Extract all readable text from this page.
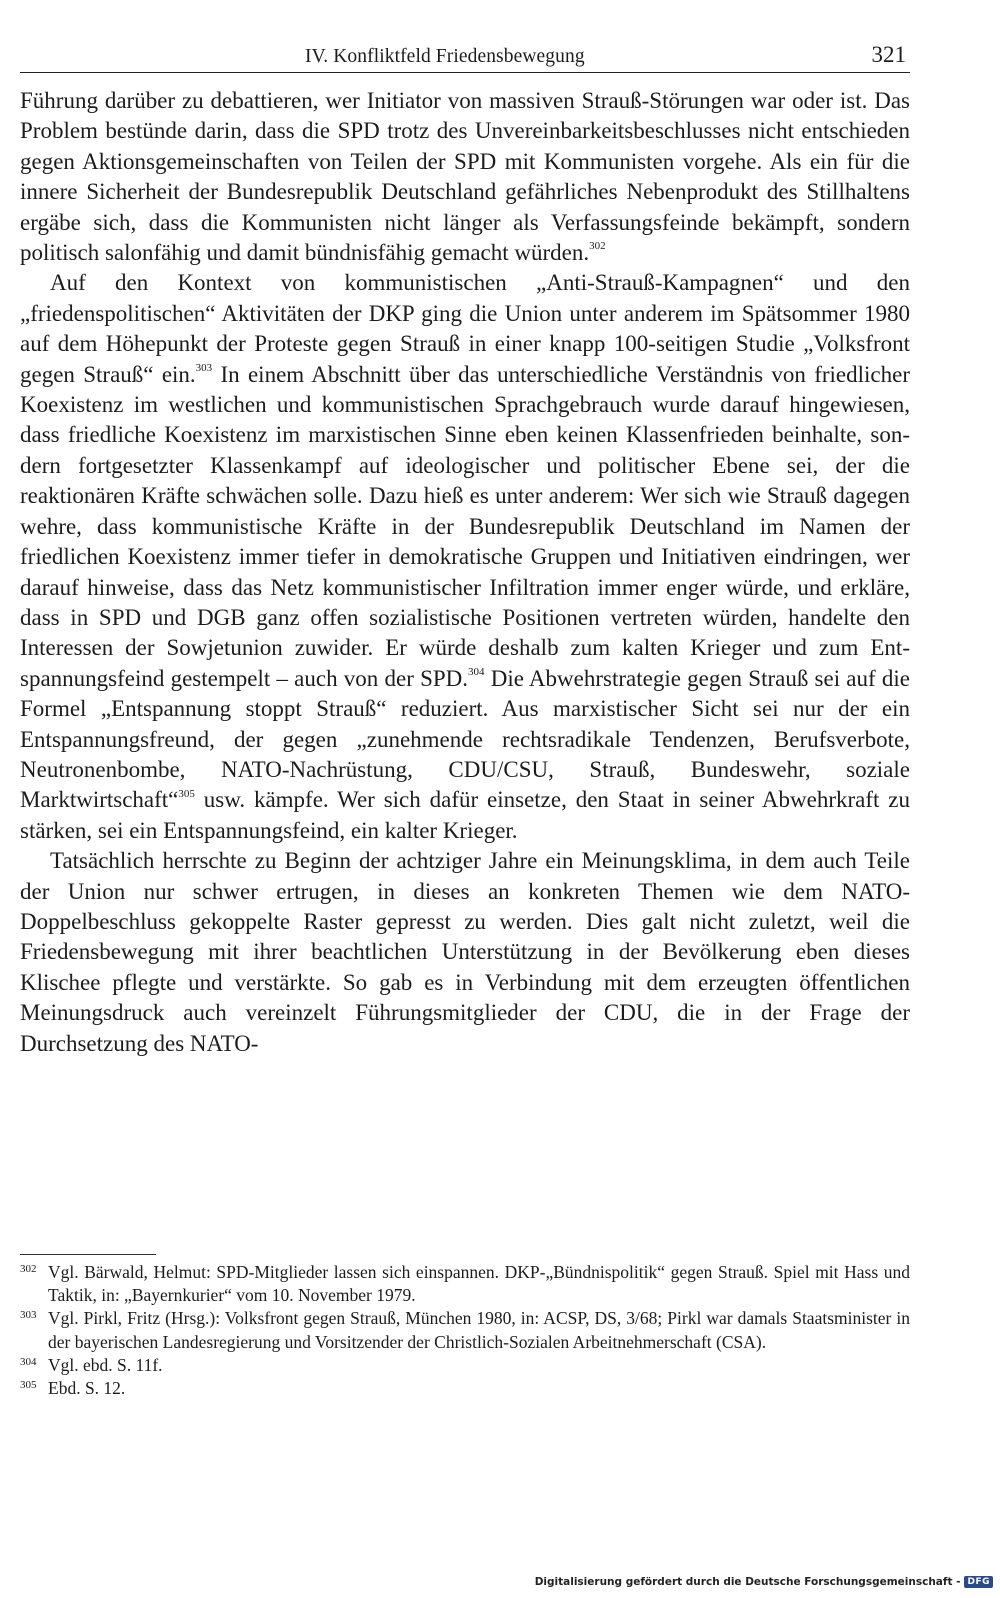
IV. Konfliktfeld Friedensbewegung	321

Führung darüber zu debattieren, wer Initiator von massiven Strauß-Störungen war oder ist. Das Problem bestünde darin, dass die SPD trotz des Unvereinbarkeitsbeschlusses nicht entschieden gegen Aktionsgemeinschaften von Teilen der SPD mit Kommunisten vorgehe. Als ein für die innere Sicherheit der Bundesrepublik Deutschland gefährliches Nebenprodukt des Stillhaltens ergäbe sich, dass die Kommunisten nicht länger als Verfassungsfeinde bekämpft, sondern politisch salonfähig und damit bündnisfähig gemacht würden.$^{302}$

Auf den Kontext von kommunistischen „Anti-Strauß-Kampagnen“ und den „friedenspolitischen“ Aktivitäten der DKP ging die Union unter anderem im Spätsommer 1980 auf dem Höhepunkt der Proteste gegen Strauß in einer knapp 100-seitigen Studie „Volksfront gegen Strauß“ ein.$^{303}$ In einem Abschnitt über das unterschiedliche Verständnis von friedlicher Koexistenz im westlichen und kommunistischen Sprachgebrauch wurde darauf hingewiesen, dass friedliche Koexistenz im marxistischen Sinne eben keinen Klassenfrieden beinhalte, sondern fortgesetzter Klassenkampf auf ideologischer und politischer Ebene sei, der die reaktionären Kräfte schwächen solle. Dazu hieß es unter anderem: Wer sich wie Strauß dagegen wehre, dass kommunistische Kräfte in der Bundesrepublik Deutschland im Namen der friedlichen Koexistenz immer tiefer in demokratische Gruppen und Initiativen eindringen, wer darauf hinweise, dass das Netz kommunistischer Infiltration immer enger würde, und erkläre, dass in SPD und DGB ganz offen sozialistische Positionen vertreten würden, handelte den Interessen der Sowjetunion zuwider. Er würde deshalb zum kalten Krieger und zum Entspannungsfeind gestempelt – auch von der SPD.$^{304}$ Die Abwehrstrategie gegen Strauß sei auf die Formel „Entspannung stoppt Strauß“ reduziert. Aus marxistischer Sicht sei nur der ein Entspannungsfreund, der gegen „zunehmende rechtsradikale Tendenzen, Berufsverbote, Neutronenbombe, NATO-Nachrüstung, CDU/CSU, Strauß, Bundeswehr, soziale Marktwirtschaft“$^{305}$ usw. kämpfe. Wer sich dafür einsetze, den Staat in seiner Abwehrkraft zu stärken, sei ein Entspannungsfeind, ein kalter Krieger.

Tatsächlich herrschte zu Beginn der achtziger Jahre ein Meinungsklima, in dem auch Teile der Union nur schwer ertrugen, in dieses an konkreten Themen wie dem NATO-Doppelbeschluss gekoppelte Raster gepresst zu werden. Dies galt nicht zuletzt, weil die Friedensbewegung mit ihrer beachtlichen Unterstützung in der Bevölkerung eben dieses Klischee pflegte und verstärkte. So gab es in Verbindung mit dem erzeugten öffentlichen Meinungsdruck auch vereinzelt Führungsmitglieder der CDU, die in der Frage der Durchsetzung des NATO-

302 Vgl. Bärwald, Helmut: SPD-Mitglieder lassen sich einspannen. DKP-„Bündnispolitik“ gegen Strauß. Spiel mit Hass und Taktik, in: „Bayernkurier“ vom 10. November 1979.

303 Vgl. Pirkl, Fritz (Hrsg.): Volksfront gegen Strauß, München 1980, in: ACSP, DS, 3/68; Pirkl war damals Staatsminister in der bayerischen Landesregierung und Vorsitzender der Christlich-Sozialen Arbeitnehmerschaft (CSA).

304 Vgl. ebd. S. 11f.

305 Ebd. S. 12.

Digitalisierung gefördert durch die Deutsche Forschungsgemeinschaft - DFG
